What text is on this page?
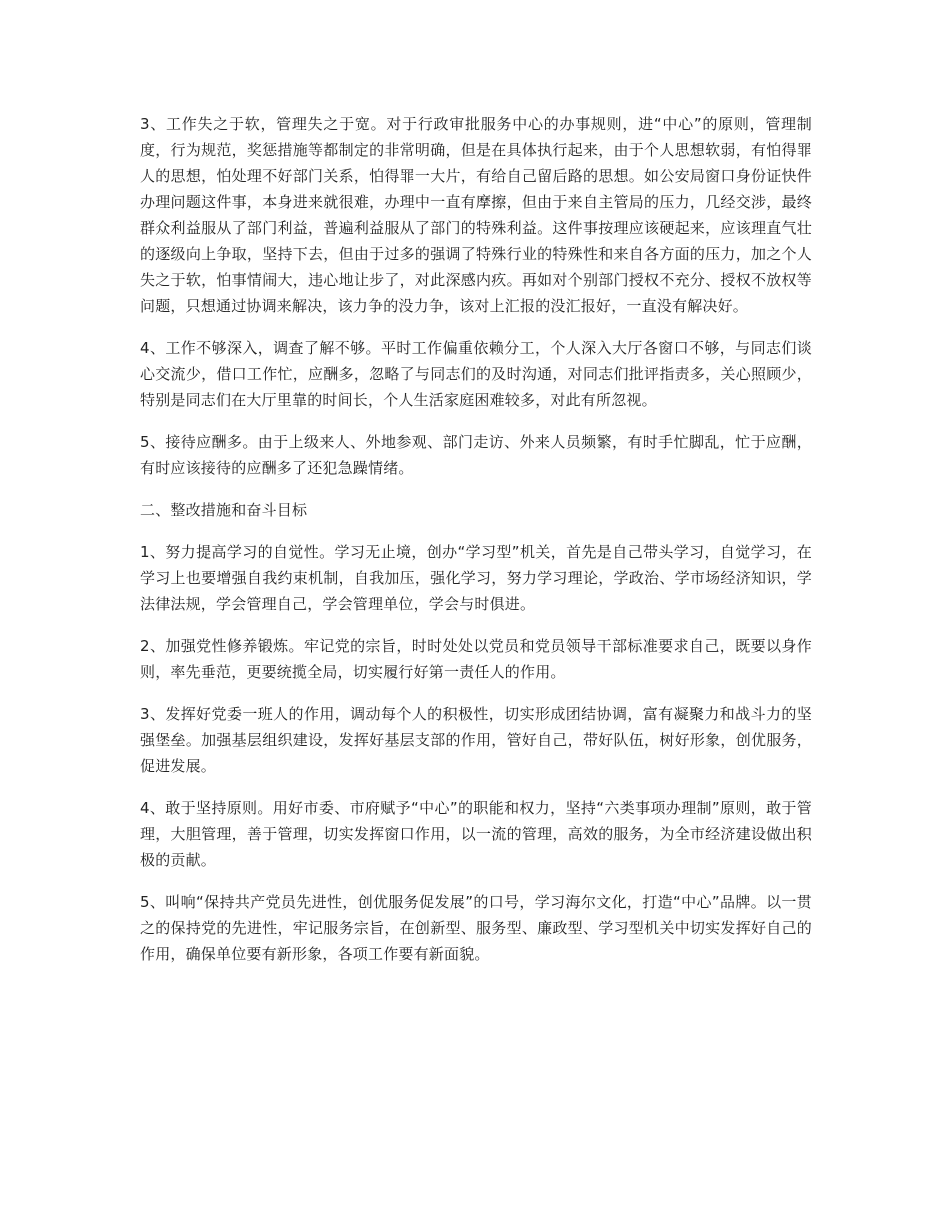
3、工作失之于软，管理失之于宽。对于行政审批服务中心的办事规则，进“中心”的原则，管理制度，行为规范，奖惩措施等都制定的非常明确，但是在具体执行起来，由于个人思想软弱，有怕得罪人的思想，怕处理不好部门关系，怕得罪一大片，有给自己留后路的思想。如公安局窗口身份证快件办理问题这件事，本身进来就很难，办理中一直有摩擦，但由于来自主管局的压力，几经交涉，最终群众利益服从了部门利益，普遍利益服从了部门的特殊利益。这件事按理应该硬起来，应该理直气壮的逐级向上争取，坚持下去，但由于过多的强调了特殊行业的特殊性和来自各方面的压力，加之个人失之于软，怕事情闹大，违心地让步了，对此深感内疚。再如对个别部门授权不充分、授权不放权等问题，只想通过协调来解决，该力争的没力争，该对上汇报的没汇报好，一直没有解决好。

4、工作不够深入，调查了解不够。平时工作偏重依赖分工，个人深入大厅各窗口不够，与同志们谈心交流少，借口工作忙，应酬多，忽略了与同志们的及时沟通，对同志们批评指责多，关心照顾少，特别是同志们在大厅里靠的时间长，个人生活家庭困难较多，对此有所忽视。

5、接待应酬多。由于上级来人、外地参观、部门走访、外来人员频繁，有时手忙脚乱，忙于应酬，有时应该接待的应酬多了还犯急躁情绪。

二、整改措施和奋斗目标

1、努力提高学习的自觉性。学习无止境，创办“学习型”机关，首先是自己带头学习，自觉学习，在学习上也要增强自我约束机制，自我加压，强化学习，努力学习理论，学政治、学市场经济知识，学法律法规，学会管理自己，学会管理单位，学会与时俱进。

2、加强党性修养锻炼。牢记党的宗旨，时时处处以党员和党员领导干部标准要求自己，既要以身作则，率先垂范，更要统揽全局，切实履行好第一责任人的作用。

3、发挥好党委一班人的作用，调动每个人的积极性，切实形成团结协调，富有凝聚力和战斗力的坚强堡垒。加强基层组织建设，发挥好基层支部的作用，管好自己，带好队伍，树好形象，创优服务，促进发展。

4、敢于坚持原则。用好市委、市府赋予“中心”的职能和权力，坚持“六类事项办理制”原则，敢于管理，大胆管理，善于管理，切实发挥窗口作用，以一流的管理，高效的服务，为全市经济建设做出积极的贡献。

5、叫响“保持共产党员先进性，创优服务促发展”的口号，学习海尔文化，打造“中心”品牌。以一贯之的保持党的先进性，牢记服务宗旨，在创新型、服务型、廉政型、学习型机关中切实发挥好自己的作用，确保单位要有新形象，各项工作要有新面貌。
